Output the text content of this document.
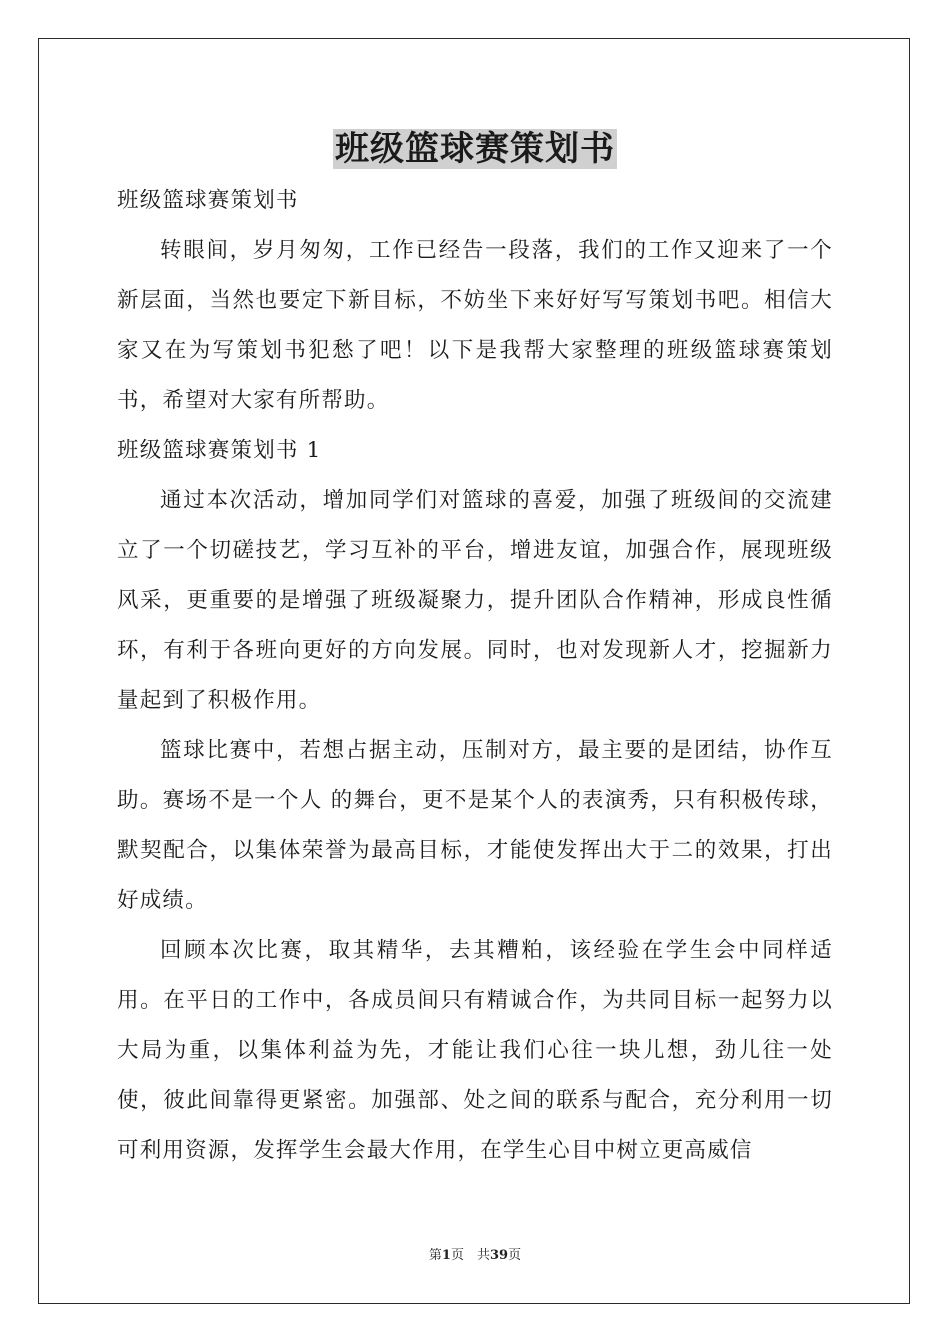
班级篮球赛策划书

班级篮球赛策划书

转眼间，岁月匆匆，工作已经告一段落，我们的工作又迎来了一个新层面，当然也要定下新目标，不妨坐下来好好写写策划书吧。相信大家又在为写策划书犯愁了吧！以下是我帮大家整理的班级篮球赛策划书，希望对大家有所帮助。

班级篮球赛策划书 1

通过本次活动，增加同学们对篮球的喜爱，加强了班级间的交流建立了一个切磋技艺，学习互补的平台，增进友谊，加强合作，展现班级风采，更重要的是增强了班级凝聚力，提升团队合作精神，形成良性循环，有利于各班向更好的方向发展。同时，也对发现新人才，挖掘新力量起到了积极作用。

篮球比赛中，若想占据主动，压制对方，最主要的是团结，协作互助。赛场不是一个人 的舞台，更不是某个人的表演秀，只有积极传球，默契配合，以集体荣誉为最高目标，才能使发挥出大于二的效果，打出好成绩。

回顾本次比赛，取其精华，去其糟粕，该经验在学生会中同样适用。在平日的工作中，各成员间只有精诚合作，为共同目标一起努力以大局为重，以集体利益为先，才能让我们心往一块儿想，劲儿往一处使，彼此间靠得更紧密。加强部、处之间的联系与配合，充分利用一切可利用资源，发挥学生会最大作用，在学生心目中树立更高威信

第1页　共39页
